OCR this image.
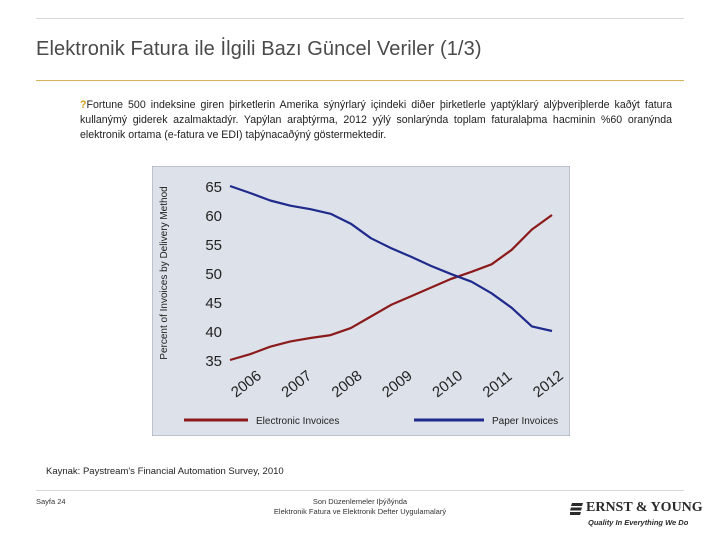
Elektronik Fatura ile İlgili Bazı Güncel Veriler (1/3)
?Fortune 500 indeksine giren þirketlerin Amerika sýnýrlarý içindeki diðer þirketlerle yaptýklarý alýþveriþlerde kaðýt fatura kullanýmý giderek azalmaktadýr. Yapýlan araþtýrma, 2012 yýlý sonlarýnda toplam faturalaþma hacminin %60 oranýnda elektronik ortama (e-fatura ve EDI) taþýnacaðýný göstermektedir.
35
40
45
50
55
60
65
Percent of Invoices by Delivery Method
2006 2007 2008 2009 2010 2011 2012
Electronic Invoices	Paper Invoices
Kaynak: Paystream's Financial Automation Survey, 2010
Sayfa 24	Son Düzenlemeler Iþýðýnda
Elektronik Fatura ve Elektronik Defter Uygulamalarý	ERNST & YOUNG
Quality In Everything We Do
